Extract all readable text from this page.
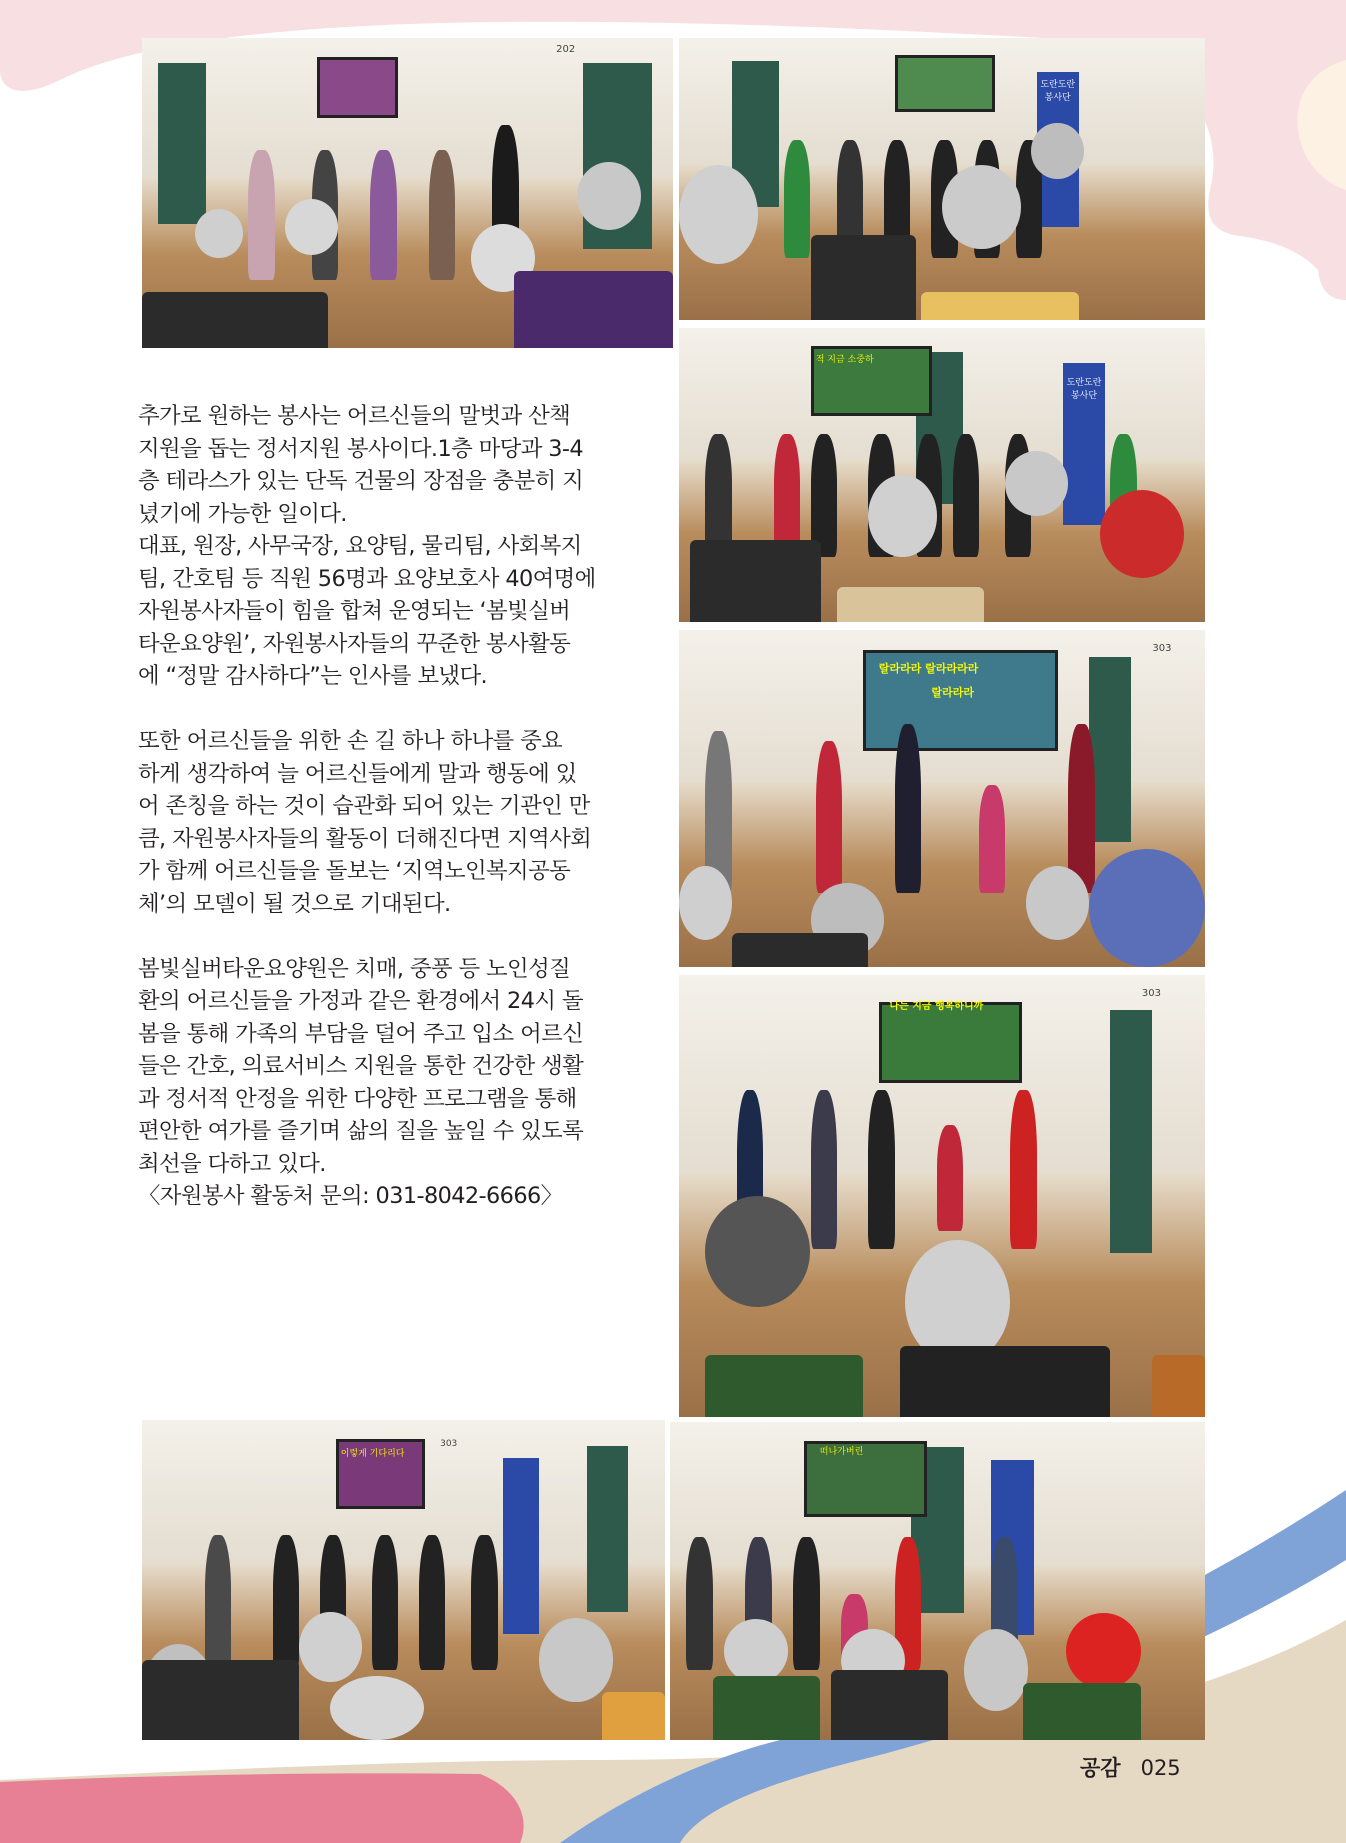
202
도란도란 봉사단
적 지금 소중하
도란도란 봉사단
303
랄라라라 랄라라라라
랄라라라
303
나는 지금 행복하니까
이렇게 기다리다
303
떠나가버린

추가로 원하는 봉사는 어르신들의 말벗과 산책

지원을 돕는 정서지원 봉사이다.1층 마당과 3-4

층 테라스가 있는 단독 건물의 장점을 충분히 지

녔기에 가능한 일이다.

대표, 원장, 사무국장, 요양팀, 물리팀, 사회복지

팀, 간호팀 등 직원 56명과 요양보호사 40여명에

자원봉사자들이 힘을 합쳐 운영되는 ‘봄빛실버

타운요양원’, 자원봉사자들의 꾸준한 봉사활동

에 “정말 감사하다”는 인사를 보냈다.

또한 어르신들을 위한 손 길 하나 하나를 중요

하게 생각하여 늘 어르신들에게 말과 행동에 있

어 존칭을 하는 것이 습관화 되어 있는 기관인 만

큼, 자원봉사자들의 활동이 더해진다면 지역사회

가 함께 어르신들을 돌보는 ‘지역노인복지공동

체’의 모델이 될 것으로 기대된다.

봄빛실버타운요양원은 치매, 중풍 등 노인성질

환의 어르신들을 가정과 같은 환경에서 24시 돌

봄을 통해 가족의 부담을 덜어 주고 입소 어르신

들은 간호, 의료서비스 지원을 통한 건강한 생활

과 정서적 안정을 위한 다양한 프로그램을 통해

편안한 여가를 즐기며 삶의 질을 높일 수 있도록

최선을 다하고 있다.

〈자원봉사 활동처 문의: 031-8042-6666〉

공감 025
